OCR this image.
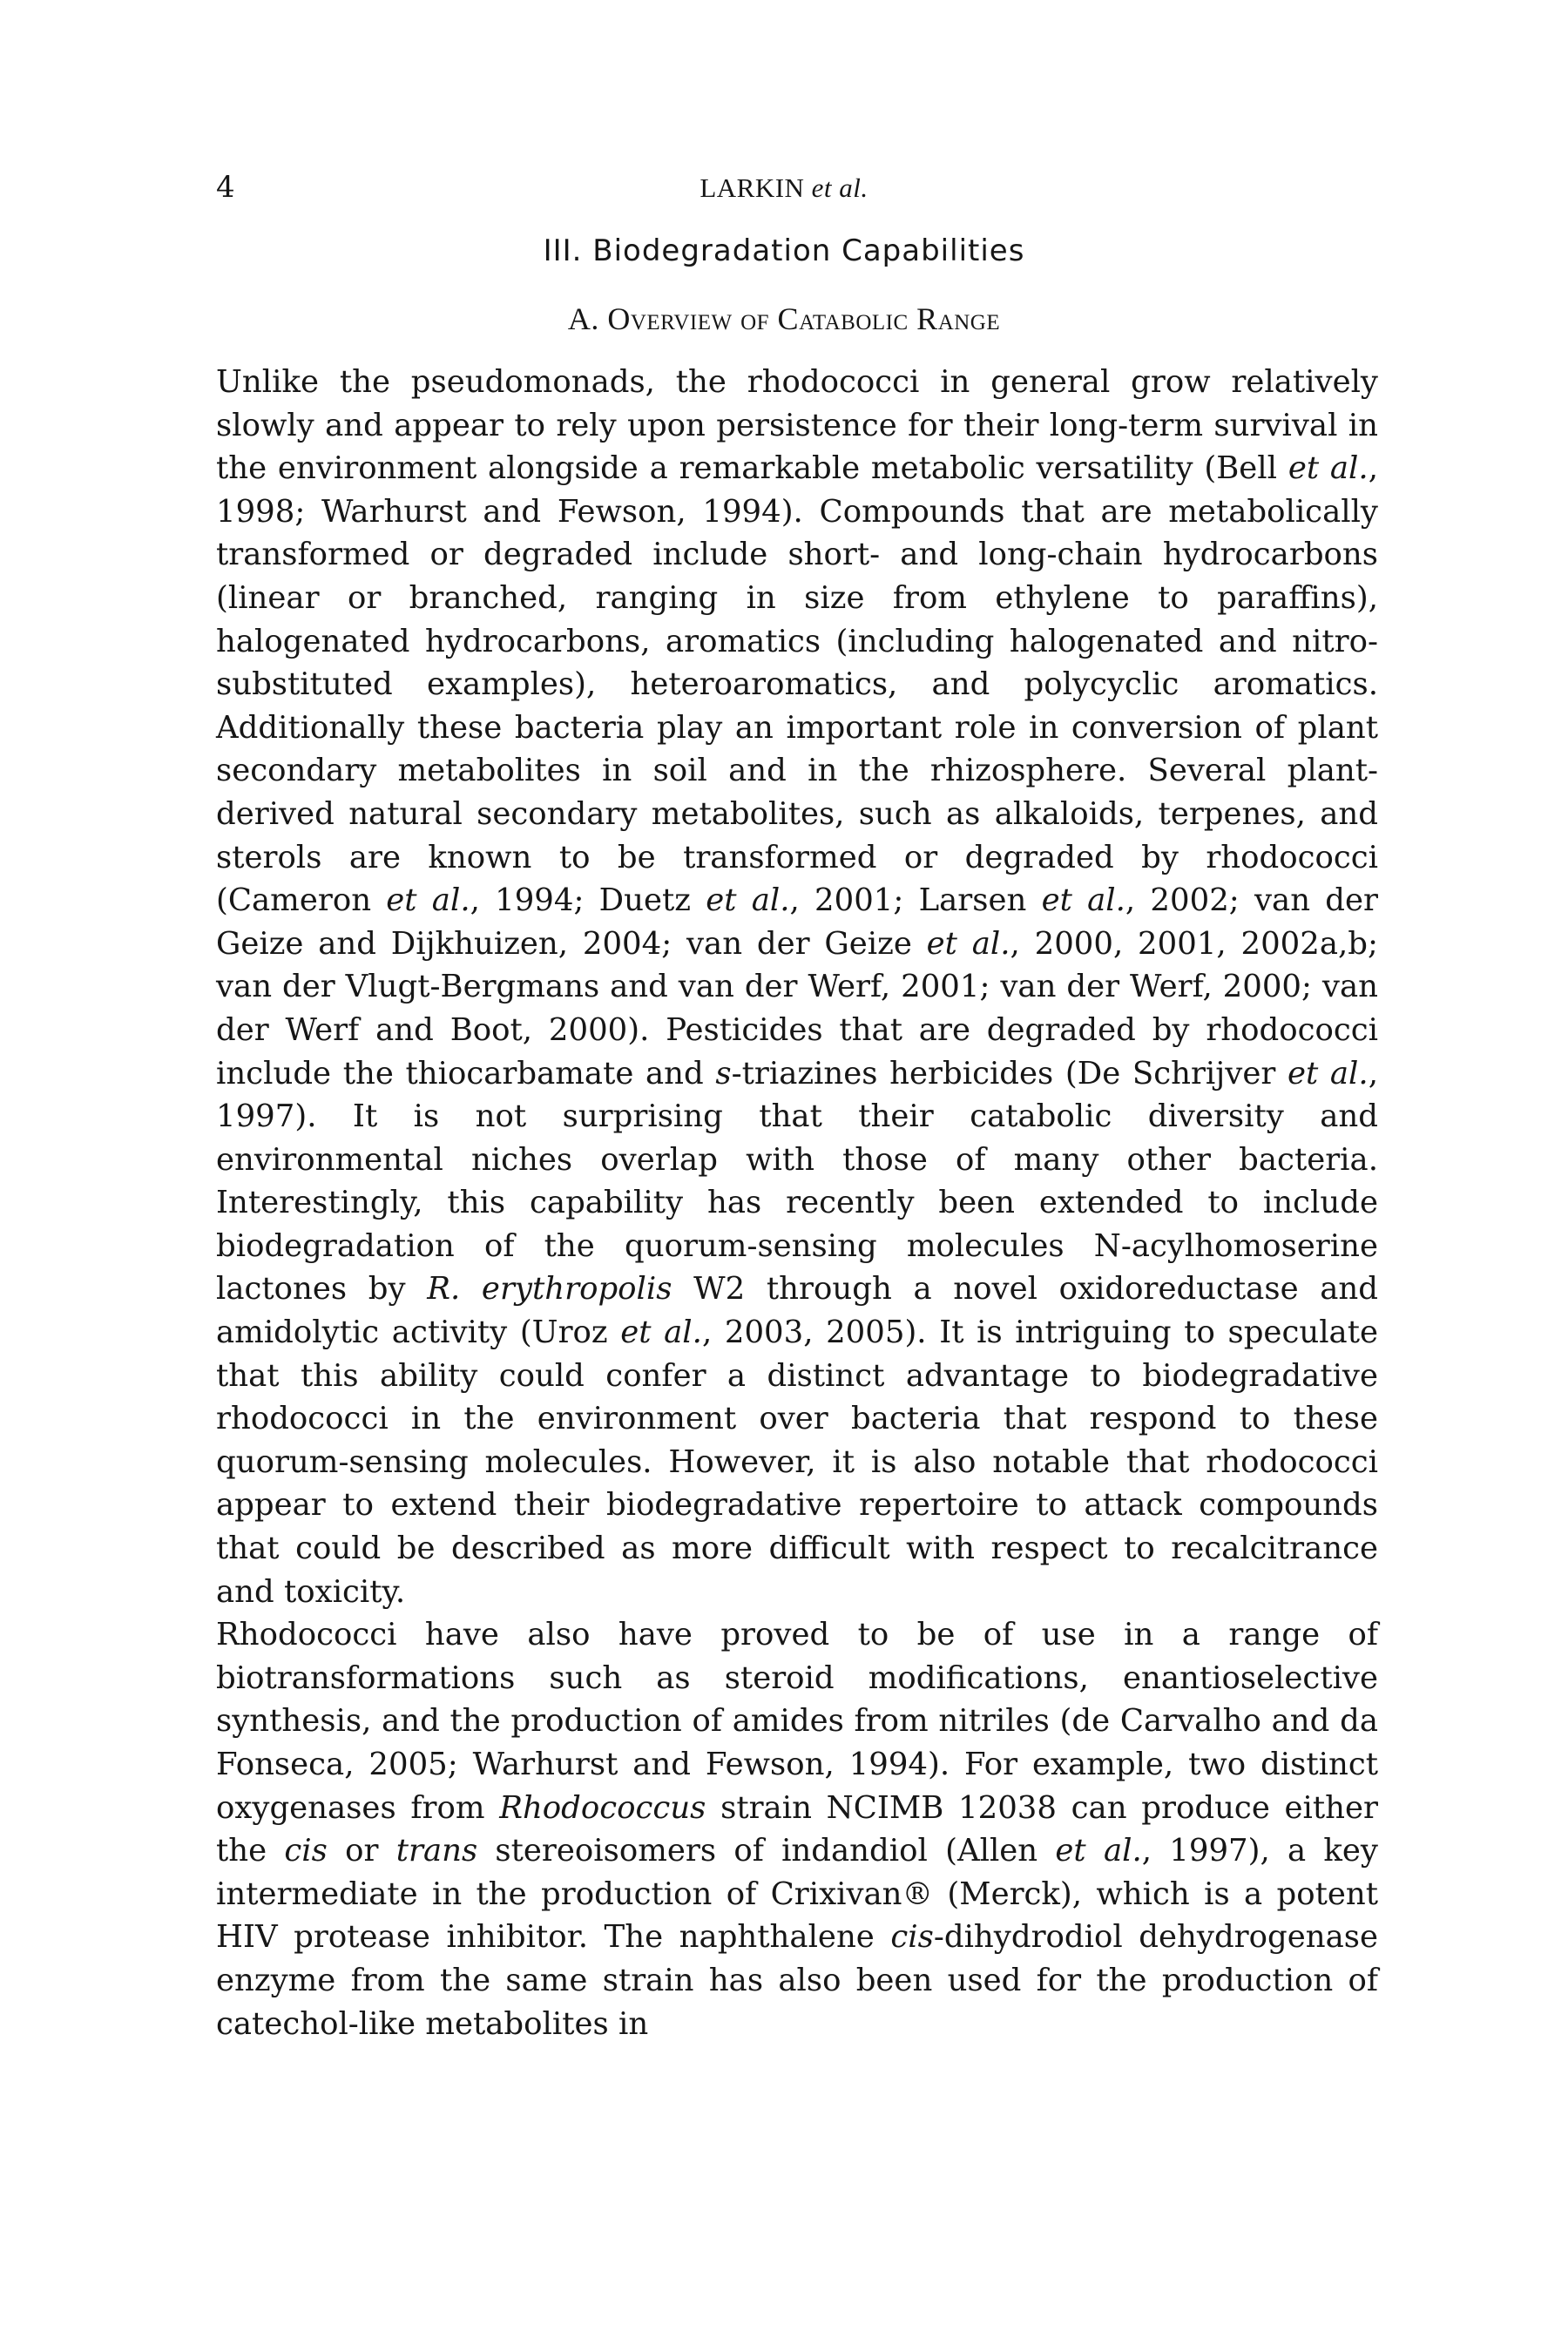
4	LARKIN et al.
III. Biodegradation Capabilities
A. Overview of Catabolic Range

Unlike the pseudomonads, the rhodococci in general grow relatively slowly and appear to rely upon persistence for their long-term survival in the environment alongside a remarkable metabolic versatility (Bell et al., 1998; Warhurst and Fewson, 1994). Compounds that are metabolically transformed or degraded include short- and long-chain hydrocarbons (linear or branched, ranging in size from ethylene to paraffins), halogenated hydrocarbons, aromatics (including halogenated and nitro-substituted examples), heteroaromatics, and polycyclic aromatics. Additionally these bacteria play an important role in conversion of plant secondary metabolites in soil and in the rhizosphere. Several plant-derived natural secondary metabolites, such as alkaloids, terpenes, and sterols are known to be transformed or degraded by rhodococci (Cameron et al., 1994; Duetz et al., 2001; Larsen et al., 2002; van der Geize and Dijkhuizen, 2004; van der Geize et al., 2000, 2001, 2002a,b; van der Vlugt-Bergmans and van der Werf, 2001; van der Werf, 2000; van der Werf and Boot, 2000). Pesticides that are degraded by rhodococci include the thiocarbamate and s-triazines herbicides (De Schrijver et al., 1997). It is not surprising that their catabolic diversity and environmental niches overlap with those of many other bacteria. Interestingly, this capability has recently been extended to include biodegradation of the quorum-sensing molecules N-acylhomoserine lactones by R. erythropolis W2 through a novel oxidoreductase and amidolytic activity (Uroz et al., 2003, 2005). It is intriguing to speculate that this ability could confer a distinct advantage to biodegradative rhodococci in the environment over bacteria that respond to these quorum-sensing molecules. However, it is also notable that rhodococci appear to extend their biodegradative repertoire to attack compounds that could be described as more difficult with respect to recalcitrance and toxicity.

Rhodococci have also have proved to be of use in a range of biotransformations such as steroid modifications, enantioselective synthesis, and the production of amides from nitriles (de Carvalho and da Fonseca, 2005; Warhurst and Fewson, 1994). For example, two distinct oxygenases from Rhodococcus strain NCIMB 12038 can produce either the cis or trans stereoisomers of indandiol (Allen et al., 1997), a key intermediate in the production of Crixivan® (Merck), which is a potent HIV protease inhibitor. The naphthalene cis-dihydrodiol dehydrogenase enzyme from the same strain has also been used for the production of catechol-like metabolites in
